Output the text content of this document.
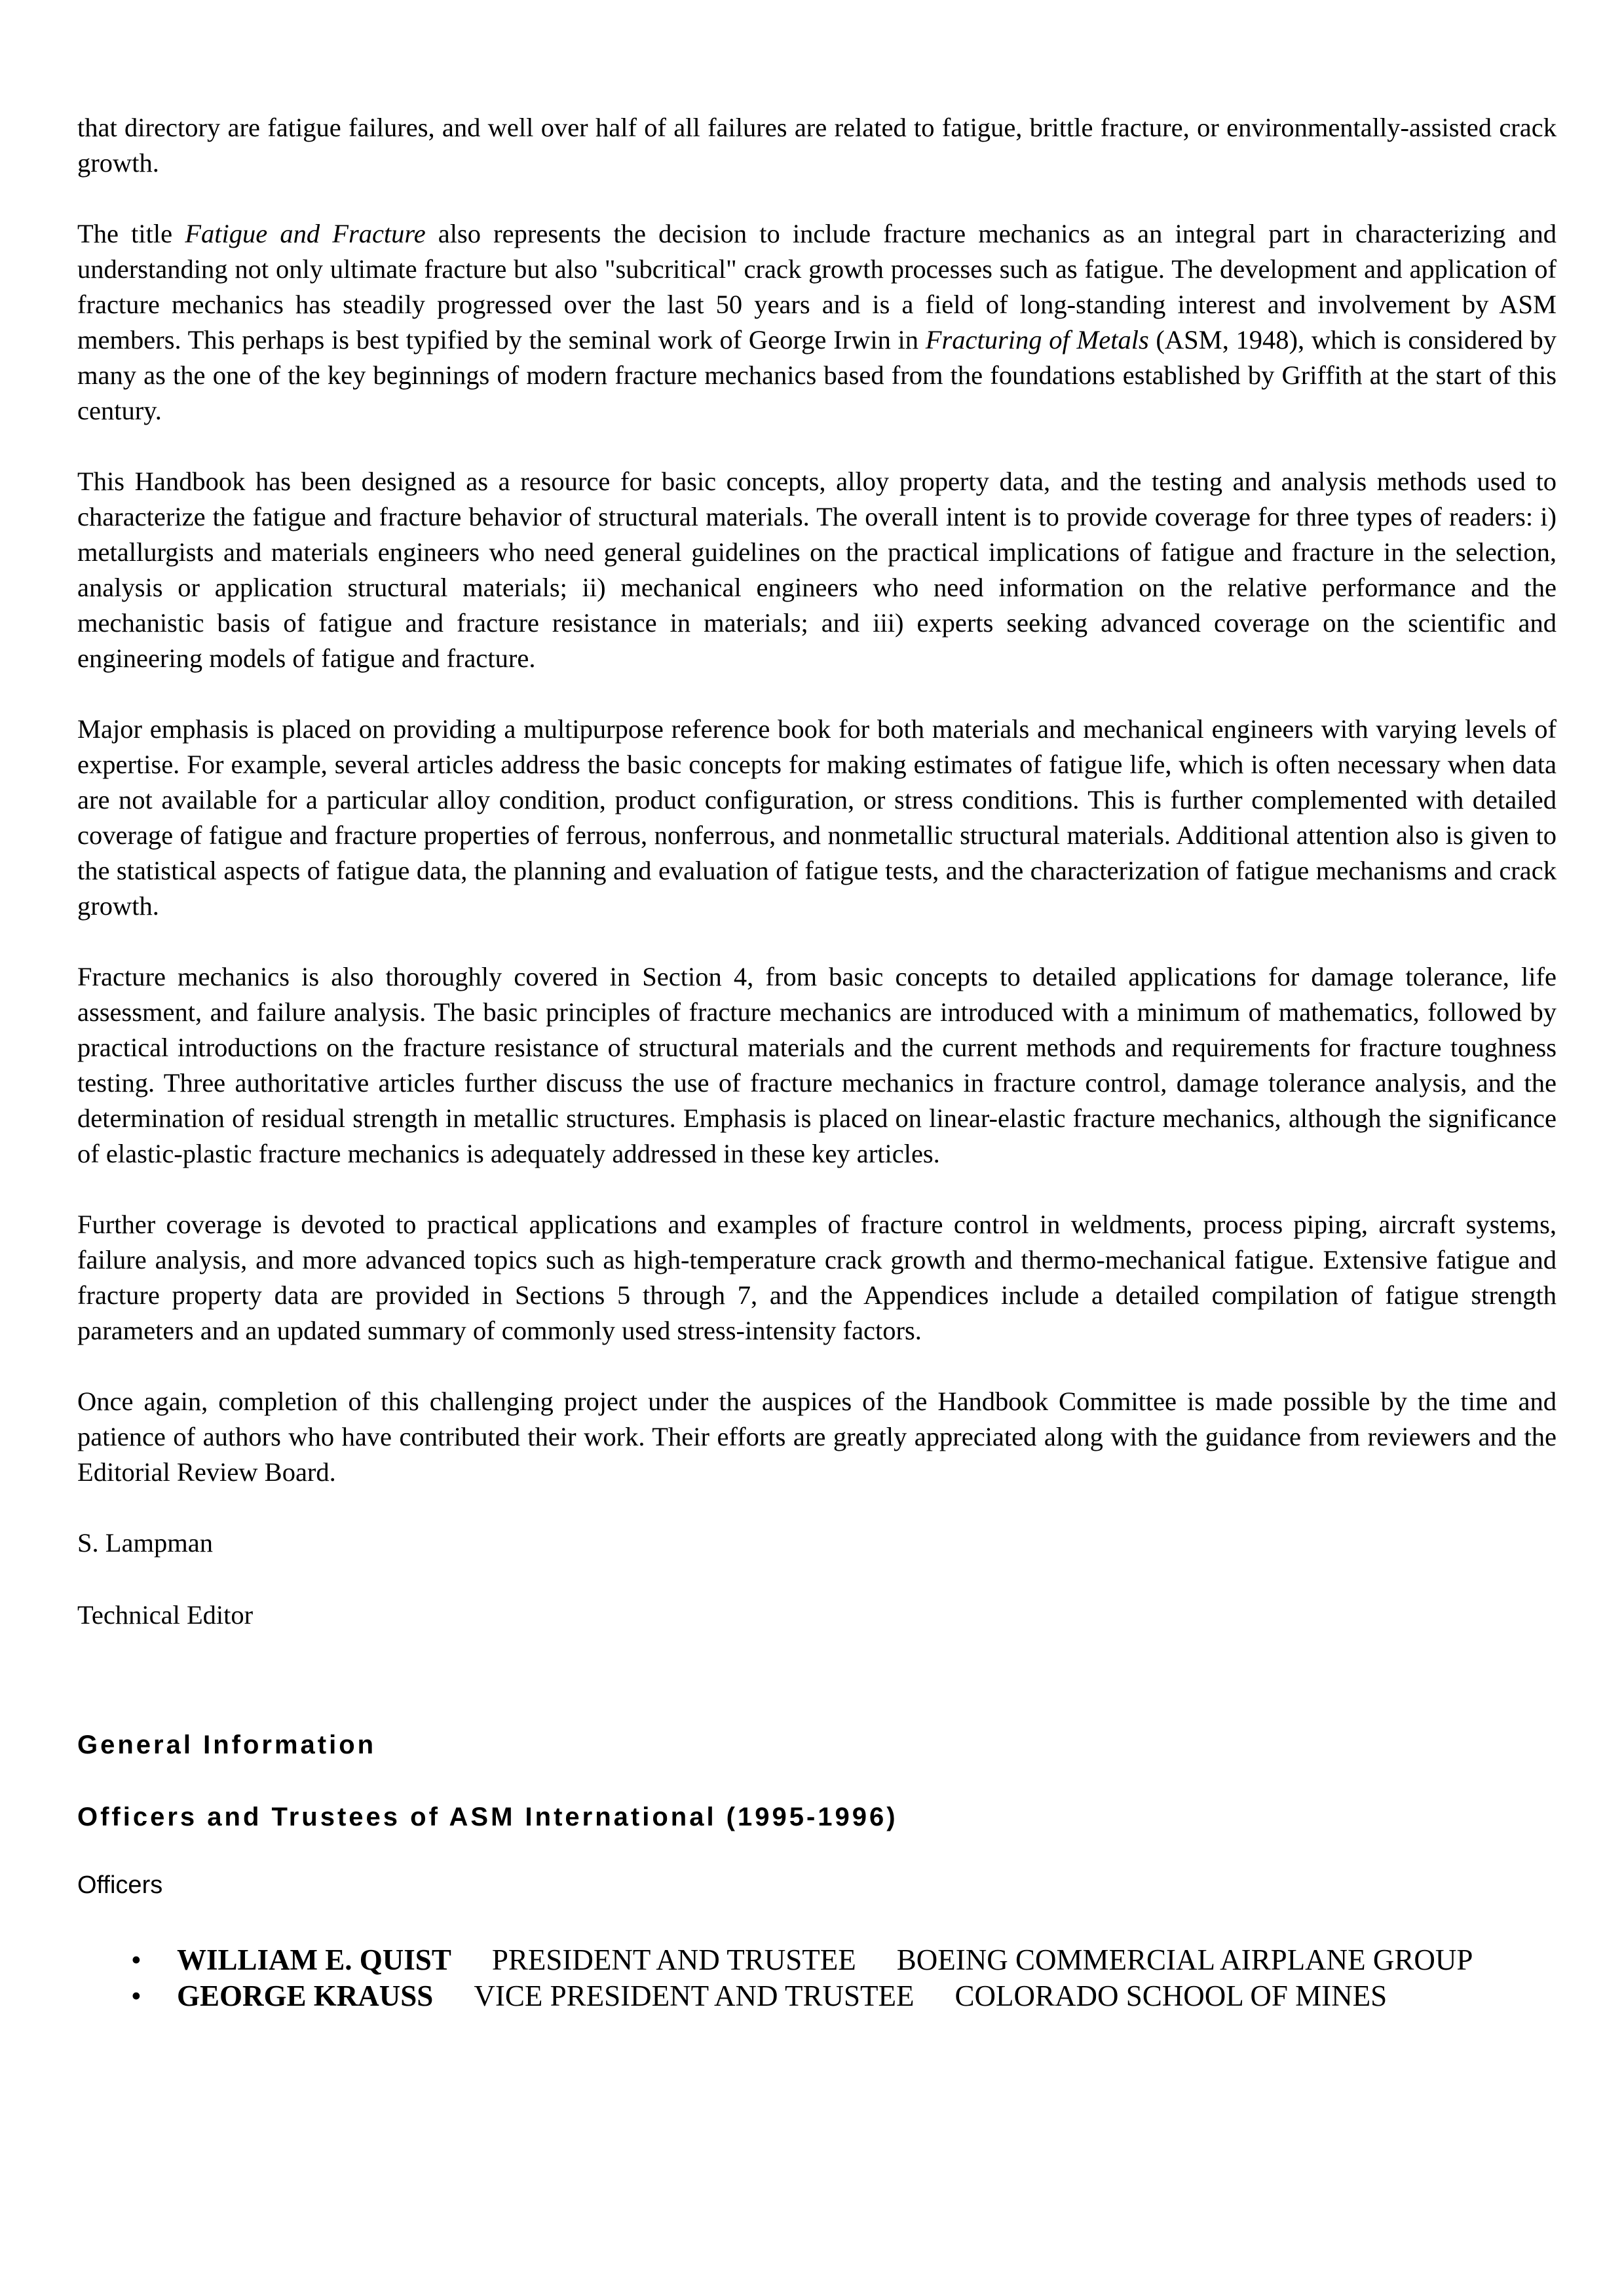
that directory are fatigue failures, and well over half of all failures are related to fatigue, brittle fracture, or environmentally-assisted crack growth.

The title Fatigue and Fracture also represents the decision to include fracture mechanics as an integral part in characterizing and understanding not only ultimate fracture but also "subcritical" crack growth processes such as fatigue. The development and application of fracture mechanics has steadily progressed over the last 50 years and is a field of long-standing interest and involvement by ASM members. This perhaps is best typified by the seminal work of George Irwin in Fracturing of Metals (ASM, 1948), which is considered by many as the one of the key beginnings of modern fracture mechanics based from the foundations established by Griffith at the start of this century.

This Handbook has been designed as a resource for basic concepts, alloy property data, and the testing and analysis methods used to characterize the fatigue and fracture behavior of structural materials. The overall intent is to provide coverage for three types of readers: i) metallurgists and materials engineers who need general guidelines on the practical implications of fatigue and fracture in the selection, analysis or application structural materials; ii) mechanical engineers who need information on the relative performance and the mechanistic basis of fatigue and fracture resistance in materials; and iii) experts seeking advanced coverage on the scientific and engineering models of fatigue and fracture.

Major emphasis is placed on providing a multipurpose reference book for both materials and mechanical engineers with varying levels of expertise. For example, several articles address the basic concepts for making estimates of fatigue life, which is often necessary when data are not available for a particular alloy condition, product configuration, or stress conditions. This is further complemented with detailed coverage of fatigue and fracture properties of ferrous, nonferrous, and nonmetallic structural materials. Additional attention also is given to the statistical aspects of fatigue data, the planning and evaluation of fatigue tests, and the characterization of fatigue mechanisms and crack growth.

Fracture mechanics is also thoroughly covered in Section 4, from basic concepts to detailed applications for damage tolerance, life assessment, and failure analysis. The basic principles of fracture mechanics are introduced with a minimum of mathematics, followed by practical introductions on the fracture resistance of structural materials and the current methods and requirements for fracture toughness testing. Three authoritative articles further discuss the use of fracture mechanics in fracture control, damage tolerance analysis, and the determination of residual strength in metallic structures. Emphasis is placed on linear-elastic fracture mechanics, although the significance of elastic-plastic fracture mechanics is adequately addressed in these key articles.

Further coverage is devoted to practical applications and examples of fracture control in weldments, process piping, aircraft systems, failure analysis, and more advanced topics such as high-temperature crack growth and thermo-mechanical fatigue. Extensive fatigue and fracture property data are provided in Sections 5 through 7, and the Appendices include a detailed compilation of fatigue strength parameters and an updated summary of commonly used stress-intensity factors.

Once again, completion of this challenging project under the auspices of the Handbook Committee is made possible by the time and patience of authors who have contributed their work. Their efforts are greatly appreciated along with the guidance from reviewers and the Editorial Review Board.

S. Lampman

Technical Editor

General Information
Officers and Trustees of ASM International (1995-1996)
Officers
• WILLIAM E. QUIST PRESIDENT AND TRUSTEE BOEING COMMERCIAL AIRPLANE GROUP
• GEORGE KRAUSS VICE PRESIDENT AND TRUSTEE COLORADO SCHOOL OF MINES
